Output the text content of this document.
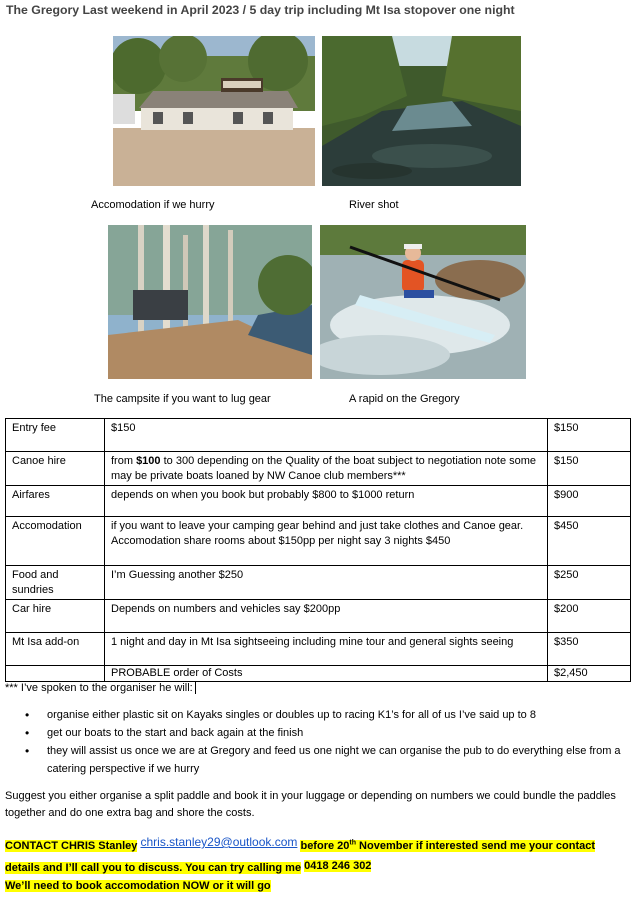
The Gregory Last weekend in April 2023 / 5 day trip including Mt Isa stopover one night
Accomodation if we hurry	River shot
The campsite if you want to lug gear	A rapid on the Gregory
Entry fee	$150	$150
Canoe hire	from $100 to 300 depending on the Quality of the boat subject to negotiation note some may be private boats loaned by NW Canoe club members***	$150
Airfares	depends on when you book but probably $800 to $1000 return	$900
Accomodation	if you want to leave your camping gear behind and just take clothes and Canoe gear. Accomodation share rooms about $150pp per night say 3 nights $450	$450
Food and sundries	I’m Guessing another $250	$250
Car hire	Depends on numbers and vehicles say $200pp	$200
Mt Isa add-on	1 night and day in Mt Isa sightseeing including mine tour and general sights seeing	$350
	PROBABLE order of Costs	$2,450
*** I’ve spoken to the organiser he will:
• organise either plastic sit on Kayaks singles or doubles up to racing K1’s for all of us I’ve said up to 8
• get our boats to the start and back again at the finish
• they will assist us once we are at Gregory and feed us one night we can organise the pub to do everything else from a catering perspective if we hurry
Suggest you either organise a split paddle and book it in your luggage or depending on numbers we could bundle the paddles together and do one extra bag and shore the costs.
CONTACT CHRIS Stanley chris.stanley29@outlook.com before 20th November if interested send me your contact details and I’ll call you to discuss. You can try calling me 0418 246 302
We’ll need to book accomodation NOW or it will go
